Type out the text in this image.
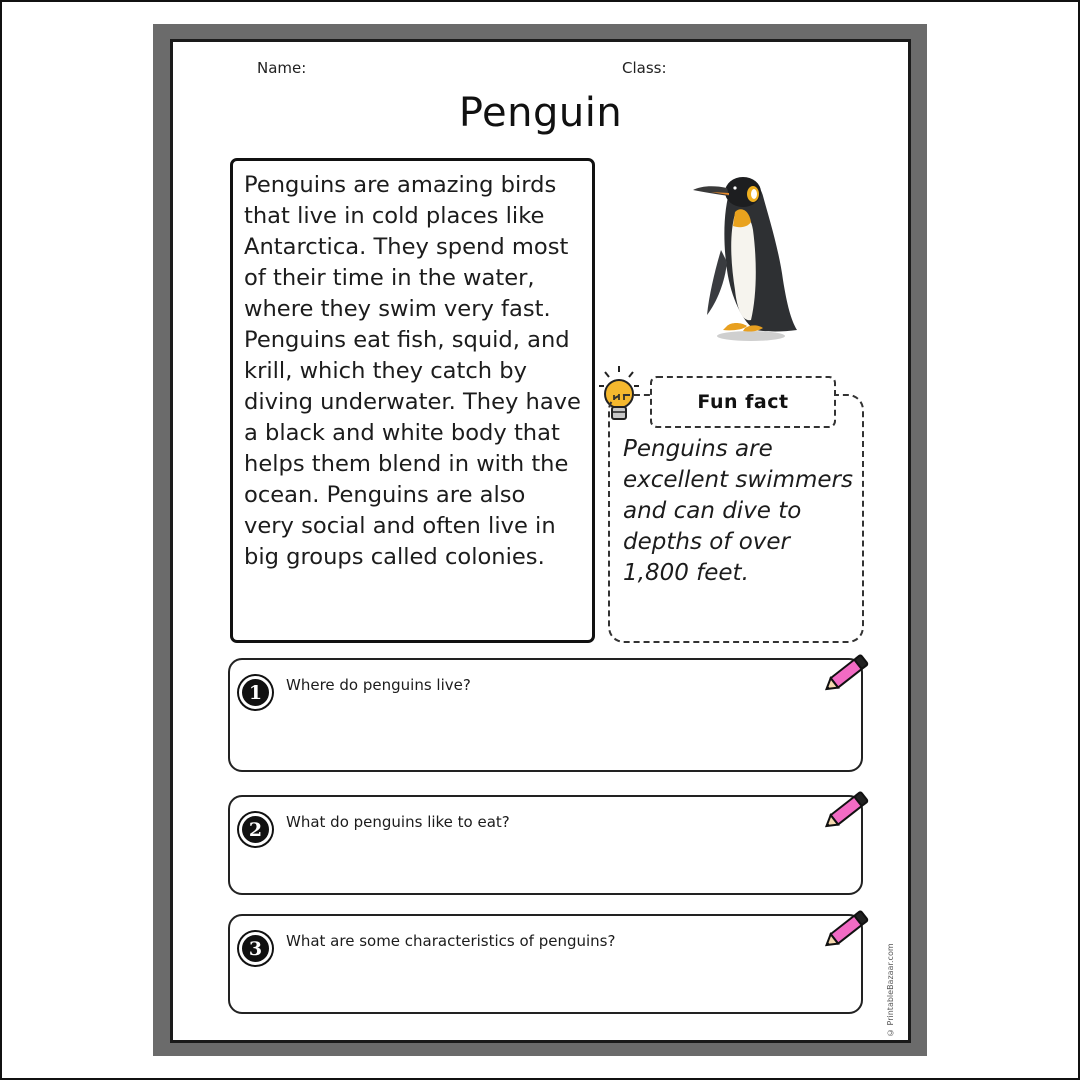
Name:	Class:
Penguin
Penguins are amazing birds that live in cold places like Antarctica. They spend most of their time in the water, where they swim very fast. Penguins eat fish, squid, and krill, which they catch by diving underwater. They have a black and white body that helps them blend in with the ocean. Penguins are also very social and often live in big groups called colonies.
Fun fact
Penguins are excellent swimmers and can dive to depths of over 1,800 feet.
1	Where do penguins live?
2	What do penguins like to eat?
3	What are some characteristics of penguins?
© PrintableBazaar.com
